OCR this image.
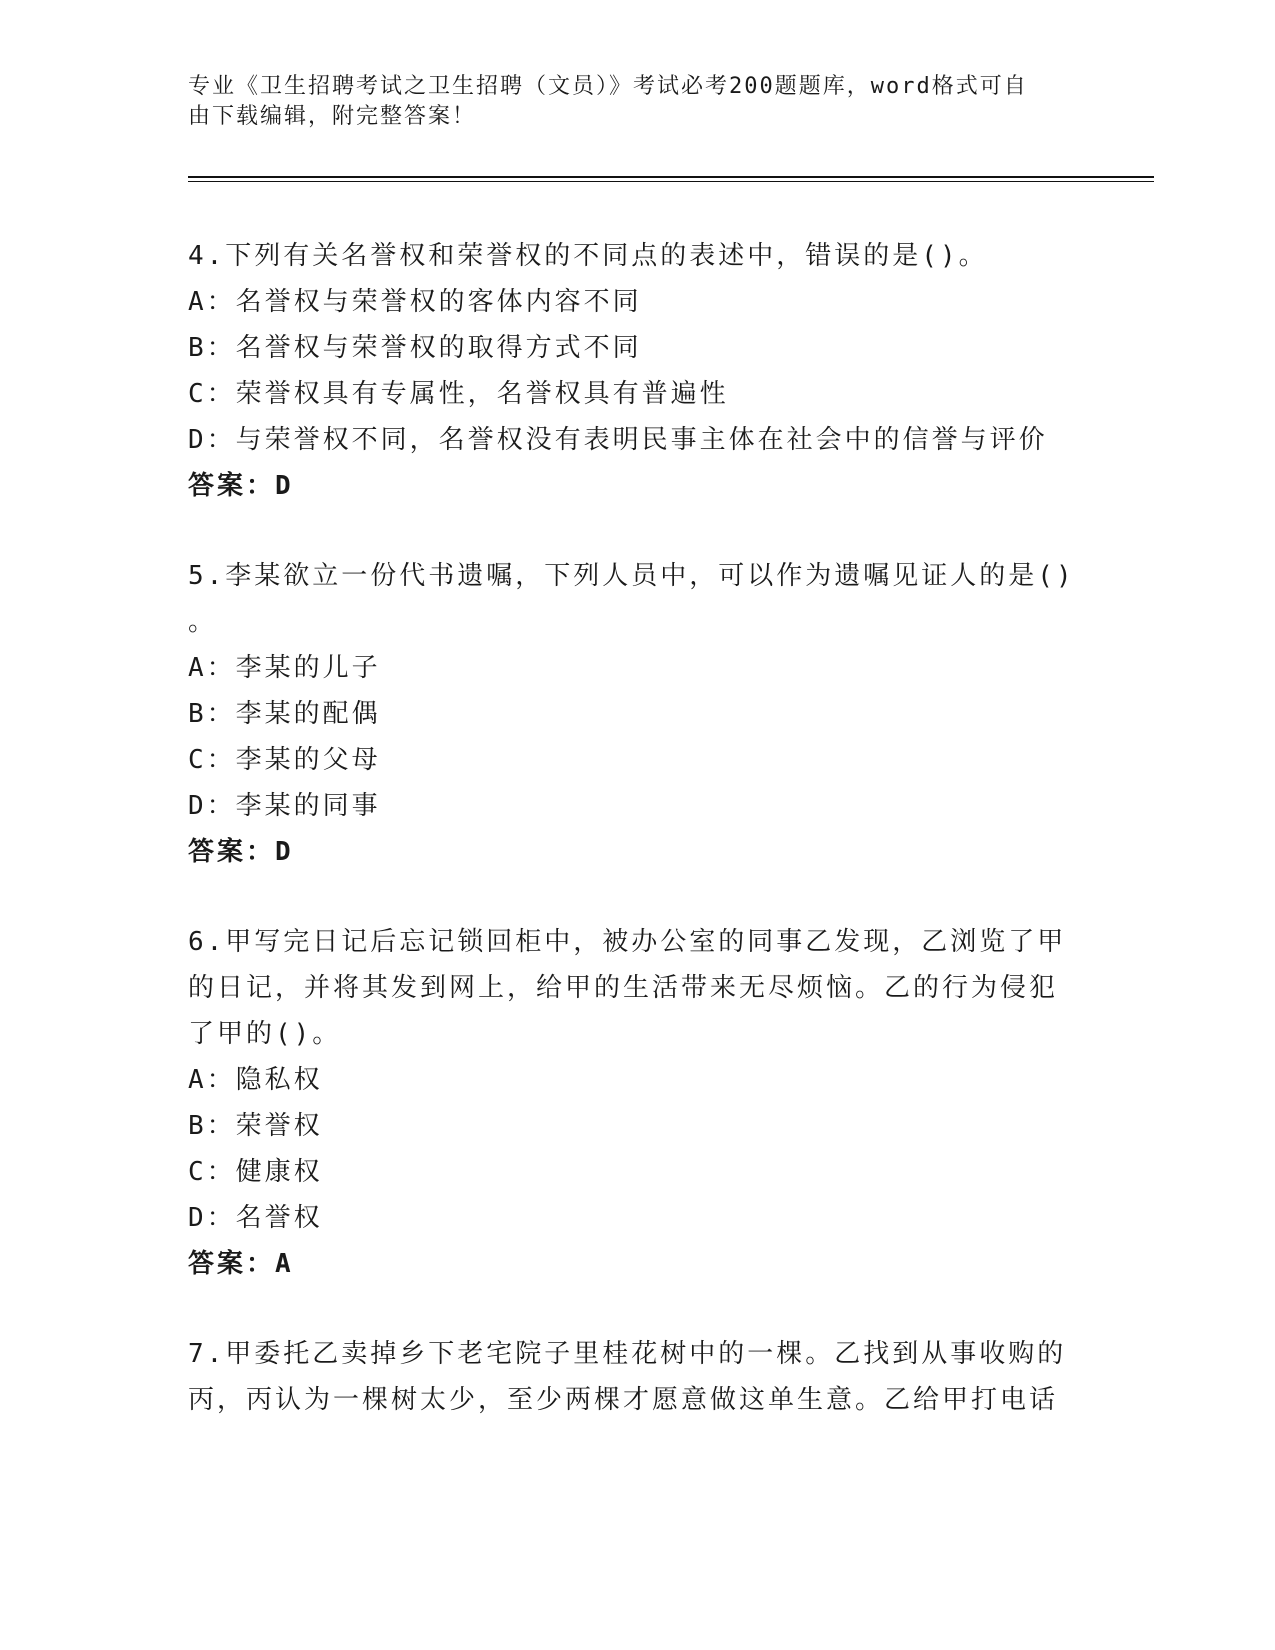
专业《卫生招聘考试之卫生招聘（文员）》考试必考200题题库，word格式可自
由下载编辑，附完整答案！
4.下列有关名誉权和荣誉权的不同点的表述中，错误的是()。
A：名誉权与荣誉权的客体内容不同
B：名誉权与荣誉权的取得方式不同
C：荣誉权具有专属性，名誉权具有普遍性
D：与荣誉权不同，名誉权没有表明民事主体在社会中的信誉与评价
答案：D
5.李某欲立一份代书遗嘱，下列人员中，可以作为遗嘱见证人的是()
。
A：李某的儿子
B：李某的配偶
C：李某的父母
D：李某的同事
答案：D
6.甲写完日记后忘记锁回柜中，被办公室的同事乙发现，乙浏览了甲
的日记，并将其发到网上，给甲的生活带来无尽烦恼。乙的行为侵犯
了甲的()。
A：隐私权
B：荣誉权
C：健康权
D：名誉权
答案：A
7.甲委托乙卖掉乡下老宅院子里桂花树中的一棵。乙找到从事收购的
丙，丙认为一棵树太少，至少两棵才愿意做这单生意。乙给甲打电话
